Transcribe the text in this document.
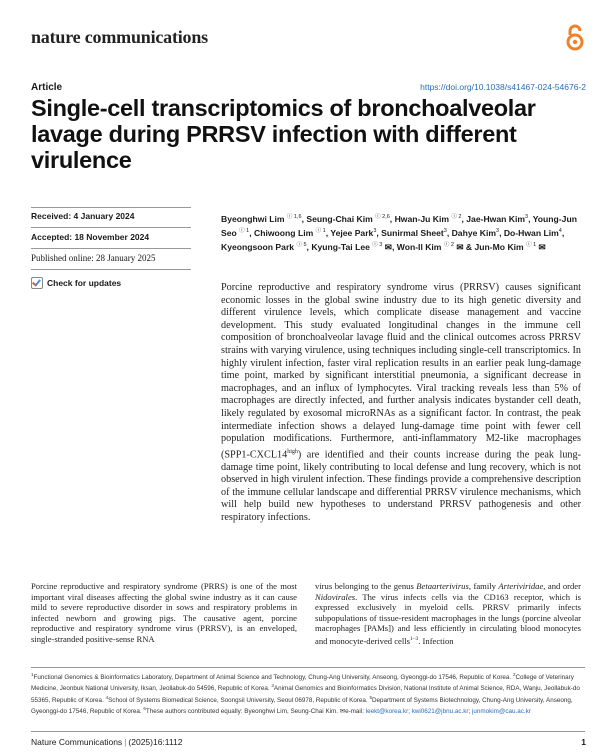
nature communications
Article	https://doi.org/10.1038/s41467-024-54676-2
Single-cell transcriptomics of bronchoalveolar lavage during PRRSV infection with different virulence
Received: 4 January 2024
Accepted: 18 November 2024
Published online: 28 January 2025
Check for updates
Byeonghwi Lim $^{ⓘ 1,6}$, Seung-Chai Kim $^{ⓘ 2,6}$, Hwan-Ju Kim $^{ⓘ 2}$, Jae-Hwan Kim$^3$, Young-Jun Seo $^{ⓘ 1}$, Chiwoong Lim $^{ⓘ 1}$, Yejee Park$^3$, Sunirmal Sheet$^3$, Dahye Kim$^3$, Do-Hwan Lim$^4$, Kyeongsoon Park $^{ⓘ 5}$, Kyung-Tai Lee $^{ⓘ 3}$ ✉, Won-Il Kim $^{ⓘ 2}$ ✉ & Jun-Mo Kim $^{ⓘ 1}$ ✉
Porcine reproductive and respiratory syndrome virus (PRRSV) causes significant economic losses in the global swine industry due to its high genetic diversity and different virulence levels, which complicate disease management and vaccine development. This study evaluated longitudinal changes in the immune cell composition of bronchoalveolar lavage fluid and the clinical outcomes across PRRSV strains with varying virulence, using techniques including single-cell transcriptomics. In highly virulent infection, faster viral replication results in an earlier peak lung-damage time point, marked by significant interstitial pneumonia, a significant decrease in macrophages, and an influx of lymphocytes. Viral tracking reveals less than 5% of macrophages are directly infected, and further analysis indicates bystander cell death, likely regulated by exosomal microRNAs as a significant factor. In contrast, the peak intermediate infection shows a delayed lung-damage time point with fewer cell population modifications. Furthermore, anti-inflammatory M2-like macrophages $(SPP1-CXCL14^{high})$ are identified and their counts increase during the peak lung-damage time point, likely contributing to local defense and lung recovery, which is not observed in high virulent infection. These findings provide a comprehensive description of the immune cellular landscape and differential PRRSV virulence mechanisms, which will help build new hypotheses to understand PRRSV pathogenesis and other respiratory infections.
Porcine reproductive and respiratory syndrome (PRRS) is one of the most important viral diseases affecting the global swine industry as it can cause mild to severe reproductive disorder in sows and respiratory problems in infected newborn and growing pigs. The causative agent, porcine reproductive and respiratory syndrome virus (PRRSV), is an enveloped, single-stranded positive-sense RNA
virus belonging to the genus Betaarterivirus, family Arteriviridae, and order Nidovirales. The virus infects cells via the CD163 receptor, which is expressed exclusively in myeloid cells. PRRSV primarily infects subpopulations of tissue-resident macrophages in the lungs (porcine alveolar macrophages [PAMs]) and less efficiently in circulating blood monocytes and monocyte-derived cells$^{1-3}$. Infection
$^1$Functional Genomics & Bioinformatics Laboratory, Department of Animal Science and Technology, Chung-Ang University, Anseong, Gyeonggi-do 17546, Republic of Korea. $^2$College of Veterinary Medicine, Jeonbuk National University, Iksan, Jeollabuk-do 54596, Republic of Korea. $^3$Animal Genomics and Bioinformatics Division, National Institute of Animal Science, RDA, Wanju, Jeollabuk-do 55365, Republic of Korea. $^4$School of Systems Biomedical Science, Soongsil University, Seoul 06978, Republic of Korea. $^5$Department of Systems Biotechnology, Chung-Ang University, Anseong, Gyeonggi-do 17546, Republic of Korea. $^6$These authors contributed equally: Byeonghwi Lim, Seung-Chai Kim. ✉e-mail: leekt@korea.kr; kwi0621@jbnu.ac.kr; junmokim@cau.ac.kr
Nature Communications | (2025)16:1112	1
